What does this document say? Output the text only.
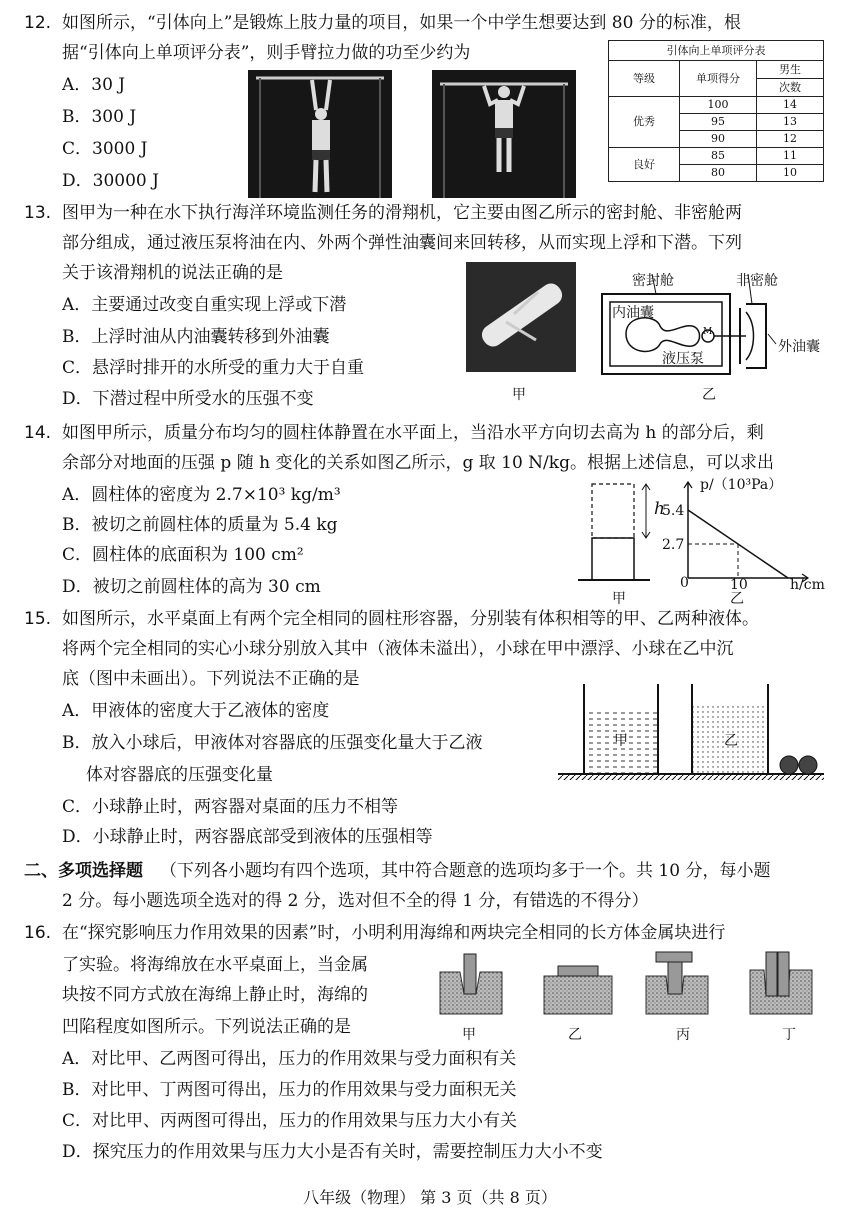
12. 如图所示，“引体向上”是锻炼上肢力量的项目，如果一个中学生想要达到 80 分的标准，根
据“引体向上单项评分表”，则手臂拉力做的功至少约为
A．30 J
B．300 J
C．3000 J
D．30000 J
引体向上单项评分表		
等级	单项得分	男生
		次数
优秀	100	14
	95	13
	90	12
良好	85	11
	80	10
13. 图甲为一种在水下执行海洋环境监测任务的滑翔机，它主要由图乙所示的密封舱、非密舱两
部分组成，通过液压泵将油在内、外两个弹性油囊间来回转移，从而实现上浮和下潜。下列
关于该滑翔机的说法正确的是
A．主要通过改变自重实现上浮或下潜
B．上浮时油从内油囊转移到外油囊
C．悬浮时排开的水所受的重力大于自重
D．下潜过程中所受水的压强不变	甲
密封舱	非密舱
内油囊
外油囊
液压泵
M
乙
14. 如图甲所示，质量分布均匀的圆柱体静置在水平面上，当沿水平方向切去高为 h 的部分后，剩
余部分对地面的压强 p 随 h 变化的关系如图乙所示，g 取 10 N/kg。根据上述信息，可以求出
A．圆柱体的密度为 2.7×10³ kg/m³
B．被切之前圆柱体的质量为 5.4 kg
C．圆柱体的底面积为 100 cm²
D．被切之前圆柱体的高为 30 cm
h
甲
p/（10³Pa）
5.4
2.7
0	10	h/cm
乙
15. 如图所示，水平桌面上有两个完全相同的圆柱形容器，分别装有体积相等的甲、乙两种液体。
将两个完全相同的实心小球分别放入其中（液体未溢出），小球在甲中漂浮、小球在乙中沉
底（图中未画出）。下列说法不正确的是
A．甲液体的密度大于乙液体的密度
B．放入小球后，甲液体对容器底的压强变化量大于乙液
体对容器底的压强变化量
C．小球静止时，两容器对桌面的压力不相等
D．小球静止时，两容器底部受到液体的压强相等
甲	乙
二、多项选择题 （下列各小题均有四个选项，其中符合题意的选项均多于一个。共 10 分，每小题
2 分。每小题选项全选对的得 2 分，选对但不全的得 1 分，有错选的不得分）
16. 在“探究影响压力作用效果的因素”时，小明利用海绵和两块完全相同的长方体金属块进行
了实验。将海绵放在水平桌面上，当金属
块按不同方式放在海绵上静止时，海绵的
凹陷程度如图所示。下列说法正确的是
A．对比甲、乙两图可得出，压力的作用效果与受力面积有关
B．对比甲、丁两图可得出，压力的作用效果与受力面积无关
C．对比甲、丙两图可得出，压力的作用效果与压力大小有关
D．探究压力的作用效果与压力大小是否有关时，需要控制压力大小不变
甲	乙	丙	丁
八年级（物理） 第 3 页（共 8 页）
